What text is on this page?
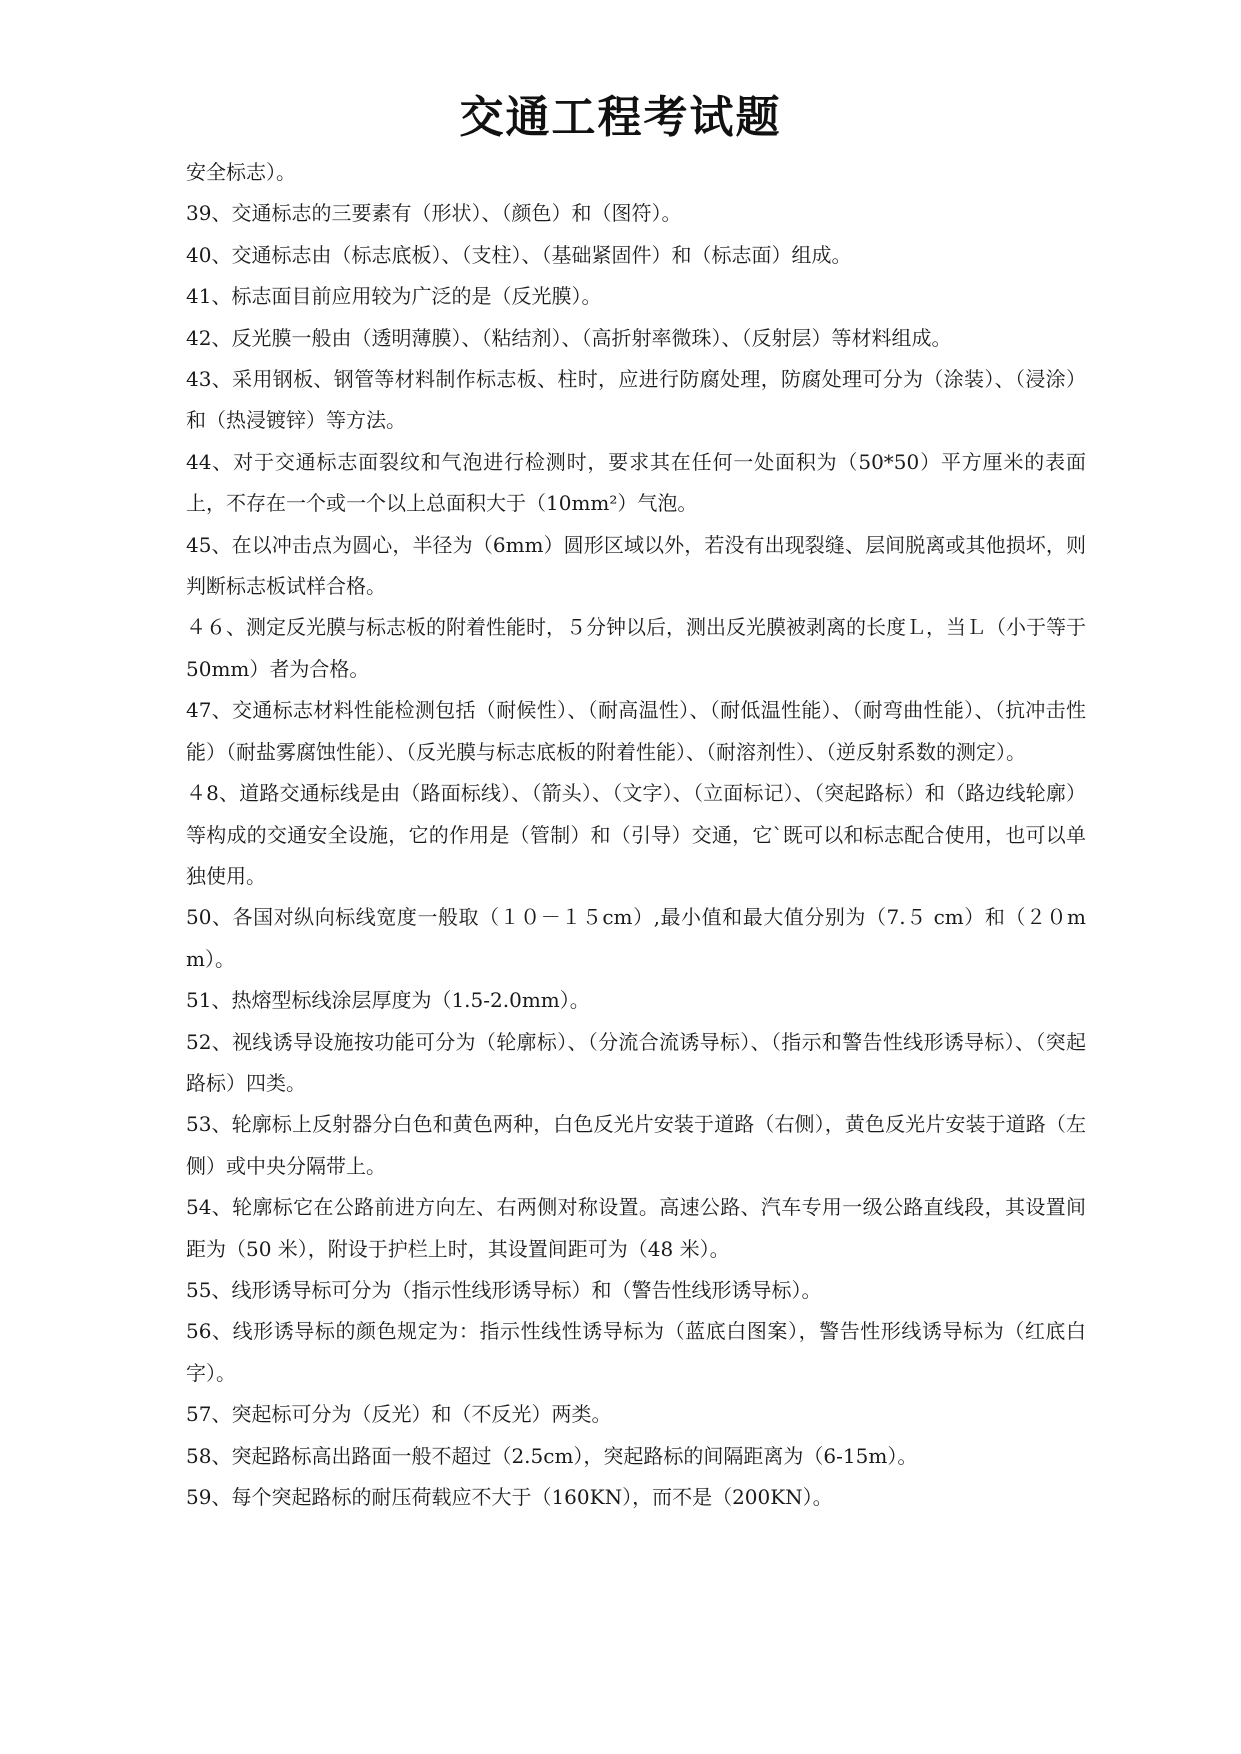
交通工程考试题

安全标志）。

39、交通标志的三要素有（形状）、（颜色）和（图符）。

40、交通标志由（标志底板）、（支柱）、（基础紧固件）和（标志面）组成。

41、标志面目前应用较为广泛的是（反光膜）。

42、反光膜一般由（透明薄膜）、（粘结剂）、（高折射率微珠）、（反射层）等材料组成。

43、采用钢板、钢管等材料制作标志板、柱时，应进行防腐处理，防腐处理可分为（涂装）、（浸涂）和（热浸镀锌）等方法。

44、对于交通标志面裂纹和气泡进行检测时，要求其在任何一处面积为（50*50）平方厘米的表面上，不存在一个或一个以上总面积大于（10mm²）气泡。

45、在以冲击点为圆心，半径为（6mm）圆形区域以外，若没有出现裂缝、层间脱离或其他损坏，则判断标志板试样合格。

４６、测定反光膜与标志板的附着性能时，５分钟以后，测出反光膜被剥离的长度Ｌ，当Ｌ（小于等于 50mm）者为合格。

47、交通标志材料性能检测包括（耐候性）、（耐高温性）、（耐低温性能）、（耐弯曲性能）、（抗冲击性能）（耐盐雾腐蚀性能）、（反光膜与标志底板的附着性能）、（耐溶剂性）、（逆反射系数的测定）。

４8、道路交通标线是由（路面标线）、（箭头）、（文字）、（立面标记）、（突起路标）和（路边线轮廓）等构成的交通安全设施，它的作用是（管制）和（引导）交通，它`既可以和标志配合使用，也可以单独使用。

50、各国对纵向标线宽度一般取（１０－１５cm）,最小值和最大值分别为（7.５ cm）和（２０mm）。

51、热熔型标线涂层厚度为（1.5-2.0mm）。

52、视线诱导设施按功能可分为（轮廓标）、（分流合流诱导标）、（指示和警告性线形诱导标）、（突起路标）四类。

53、轮廓标上反射器分白色和黄色两种，白色反光片安装于道路（右侧），黄色反光片安装于道路（左侧）或中央分隔带上。

54、轮廓标它在公路前进方向左、右两侧对称设置。高速公路、汽车专用一级公路直线段，其设置间距为（50 米），附设于护栏上时，其设置间距可为（48 米）。

55、线形诱导标可分为（指示性线形诱导标）和（警告性线形诱导标）。

56、线形诱导标的颜色规定为：指示性线性诱导标为（蓝底白图案），警告性形线诱导标为（红底白字）。

57、突起标可分为（反光）和（不反光）两类。

58、突起路标高出路面一般不超过（2.5cm），突起路标的间隔距离为（6-15m）。

59、每个突起路标的耐压荷载应不大于（160KN），而不是（200KN）。
